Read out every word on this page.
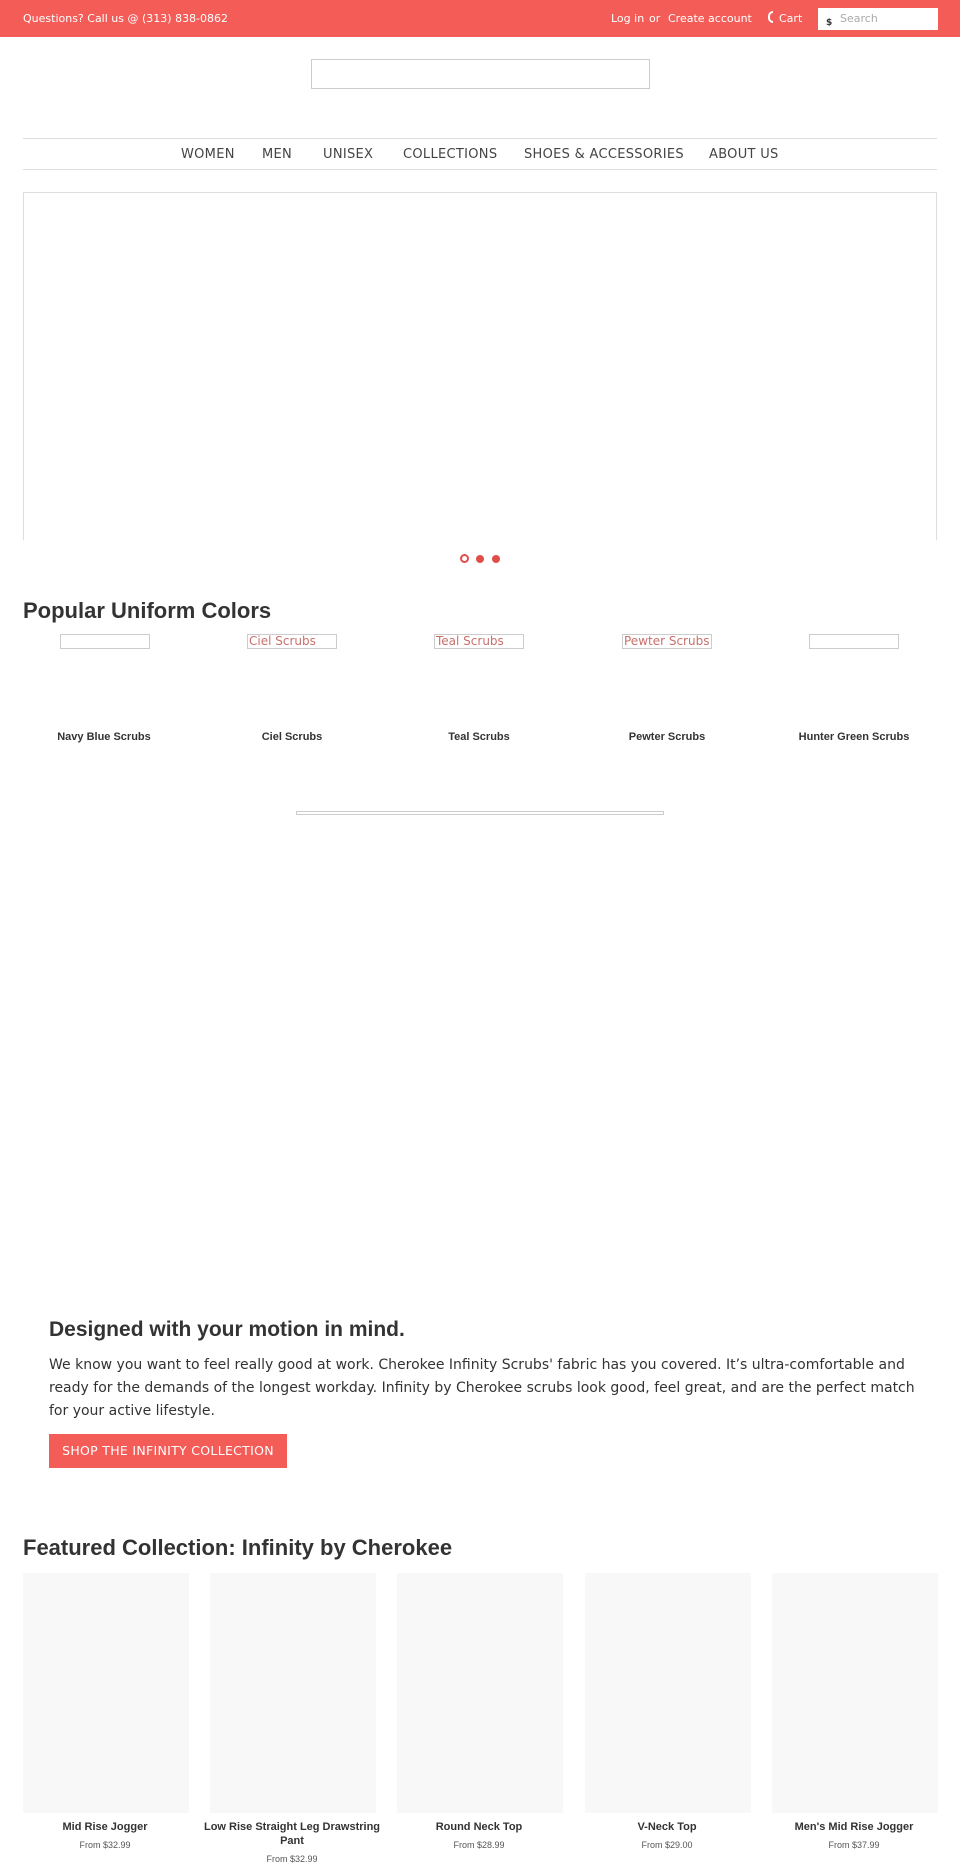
Questions? Call us @ (313) 838-0862	Log in or Create account Cart	$
Search
WOMEN MEN UNISEX COLLECTIONS SHOES & ACCESSORIES ABOUT US
Popular Uniform Colors
Ciel Scrubs	Teal Scrubs	Pewter Scrubs
Navy Blue Scrubs	Ciel Scrubs	Teal Scrubs	Pewter Scrubs	Hunter Green Scrubs
Designed with your motion in mind.

We know you want to feel really good at work. Cherokee Infinity Scrubs' fabric has you covered. It’s ultra-comfortable and ready for the demands of the longest workday. Infinity by Cherokee scrubs look good, feel great, and are the perfect match for your active lifestyle.

SHOP THE INFINITY COLLECTION
Featured Collection: Infinity by Cherokee
Mid Rise Jogger	Low Rise Straight Leg Drawstring Pant
Round Neck Top	V-Neck Top	Men's Mid Rise Jogger
From $32.99
From $32.99
From $28.99	From $29.00	From $37.99
